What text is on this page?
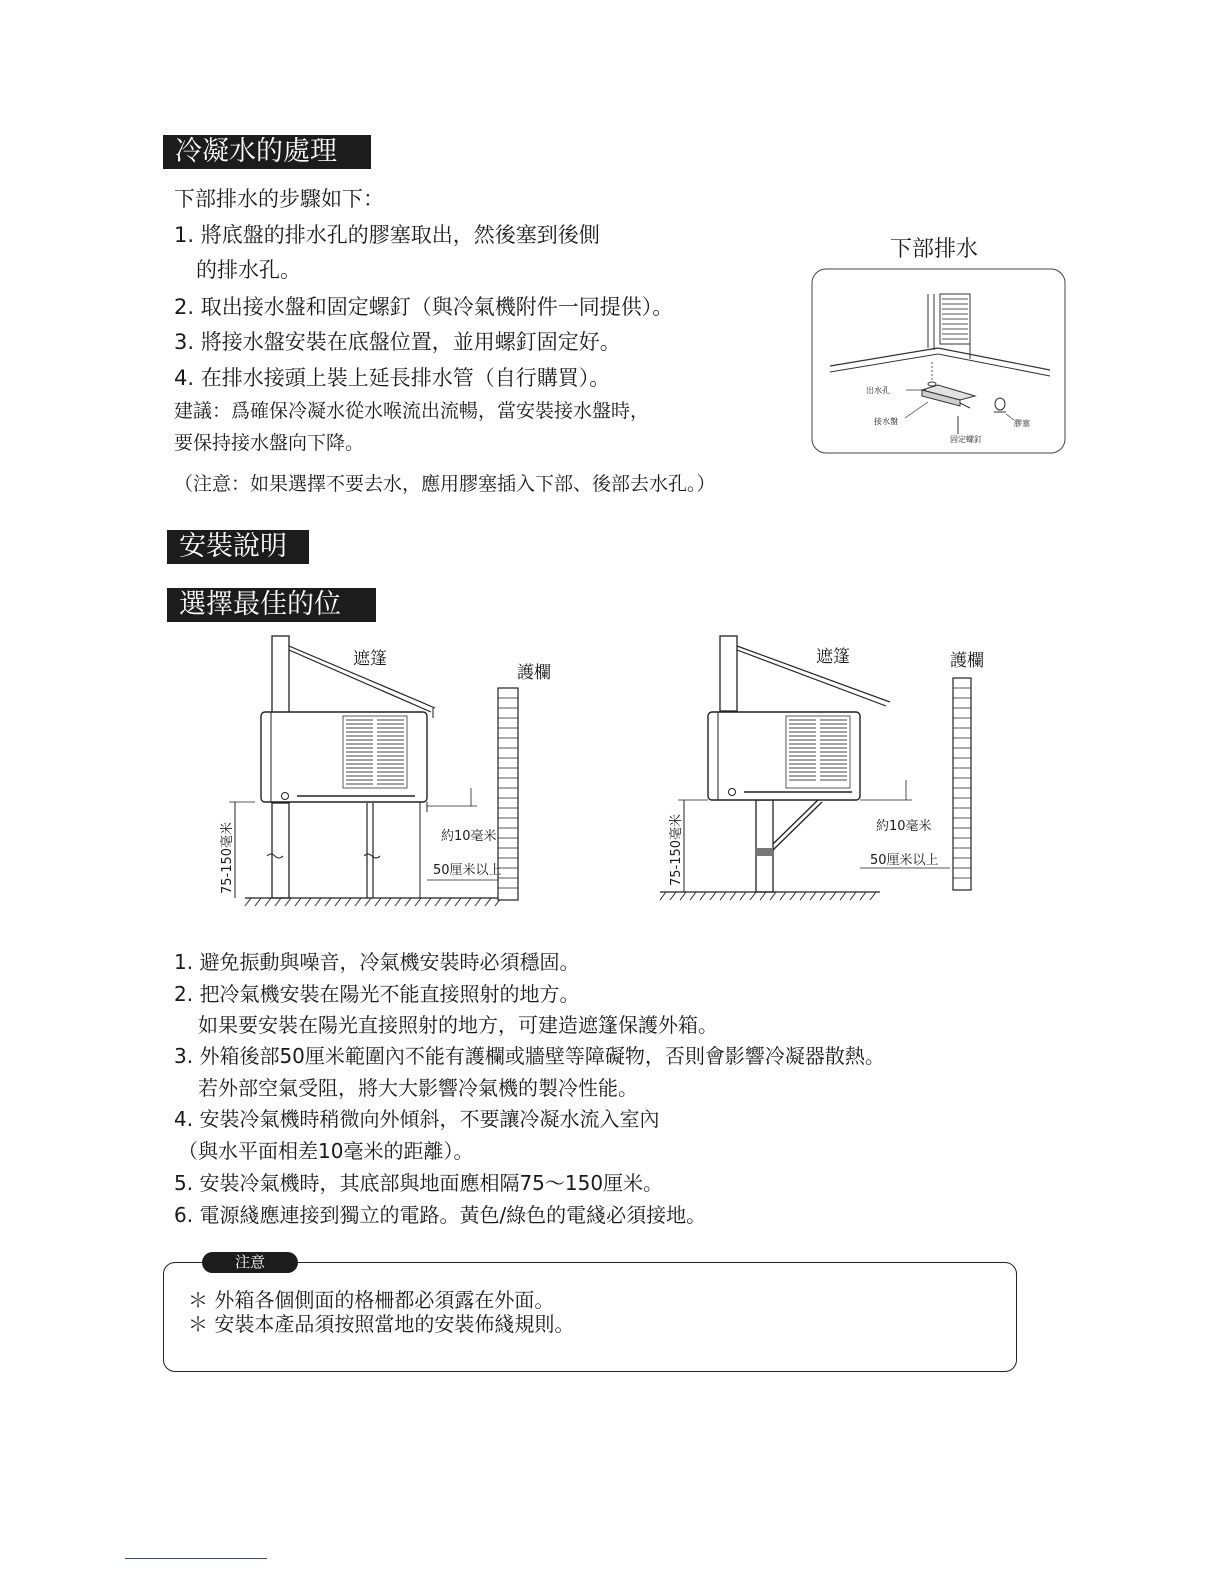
冷凝水的處理
下部排水的步驟如下：
1. 將底盤的排水孔的膠塞取出，然後塞到後側
的排水孔。
2. 取出接水盤和固定螺釘（與冷氣機附件一同提供）。
3. 將接水盤安裝在底盤位置，並用螺釘固定好。
4. 在排水接頭上裝上延長排水管（自行購買）。
建議：爲確保冷凝水從水喉流出流暢，當安裝接水盤時，
要保持接水盤向下降。
（注意：如果選擇不要去水，應用膠塞插入下部、後部去水孔。）
下部排水
出水孔
接水盤
固定螺釘
膠塞
安裝說明
選擇最佳的位置
遮篷
護欄
約10毫米
50厘米以上
75-150毫米
遮篷	護欄
約10毫米
50厘米以上
75-150毫米
1. 避免振動與噪音，冷氣機安裝時必須穩固。
2. 把冷氣機安裝在陽光不能直接照射的地方。
如果要安裝在陽光直接照射的地方，可建造遮篷保護外箱。
3. 外箱後部50厘米範圍內不能有護欄或牆壁等障礙物，否則會影響冷凝器散熱。
若外部空氣受阻，將大大影響冷氣機的製冷性能。
4. 安裝冷氣機時稍微向外傾斜，不要讓冷凝水流入室內
（與水平面相差10毫米的距離）。
5. 安裝冷氣機時，其底部與地面應相隔75～150厘米。
6. 電源綫應連接到獨立的電路。黃色/綠色的電綫必須接地。
注意
＊ 外箱各個側面的格柵都必須露在外面。
＊ 安裝本產品須按照當地的安裝佈綫規則。
